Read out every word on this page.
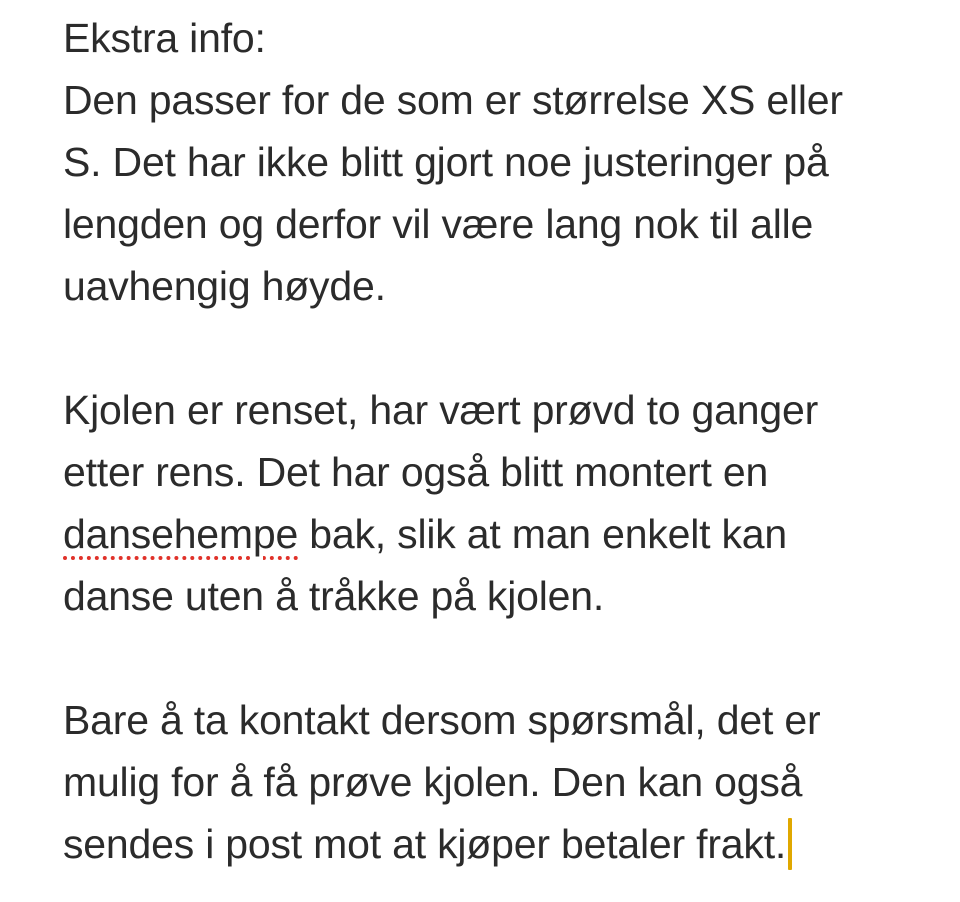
Ekstra info:
Den passer for de som er størrelse XS eller
S. Det har ikke blitt gjort noe justeringer på
lengden og derfor vil være lang nok til alle
uavhengig høyde.
Kjolen er renset, har vært prøvd to ganger
etter rens. Det har også blitt montert en
dansehempe bak, slik at man enkelt kan
danse uten å tråkke på kjolen.
Bare å ta kontakt dersom spørsmål, det er
mulig for å få prøve kjolen. Den kan også
sendes i post mot at kjøper betaler frakt.
